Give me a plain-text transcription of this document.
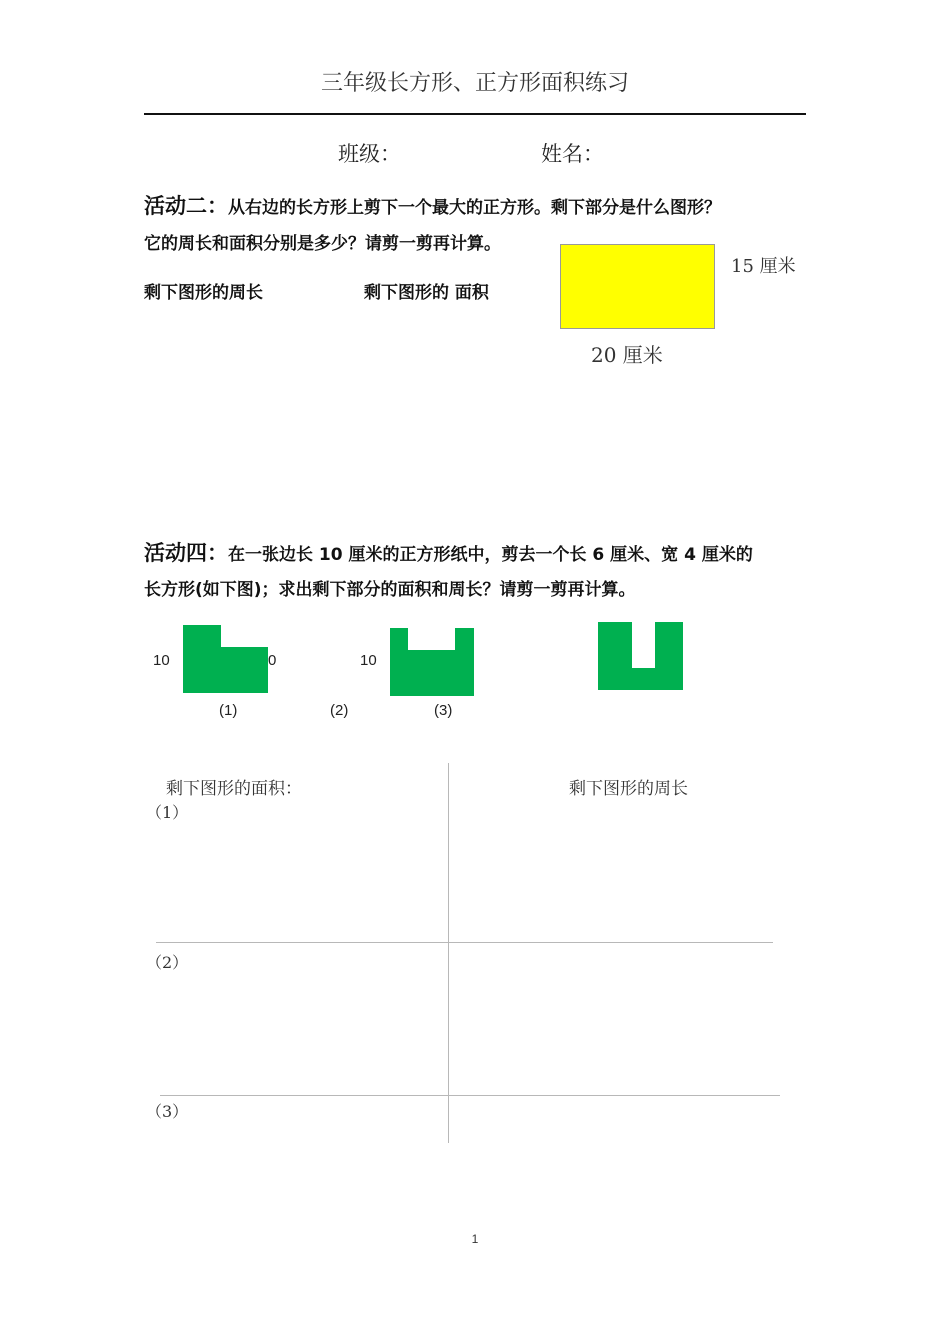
三年级长方形、正方形面积练习
班级：	姓名：
活动二：从右边的长方形上剪下一个最大的正方形。剩下部分是什么图形？
它的周长和面积分别是多少？请剪一剪再计算。
剩下图形的周长	剩下图形的 面积
15 厘米
20 厘米
活动四：在一张边长 10 厘米的正方形纸中，剪去一个长 6 厘米、宽 4 厘米的
长方形(如下图)；求出剩下部分的面积和周长？请剪一剪再计算。
10	0	10
(1)	(2)	(3)
剩下图形的面积：	剩下图形的周长
（1）
（2）
（3）
1
